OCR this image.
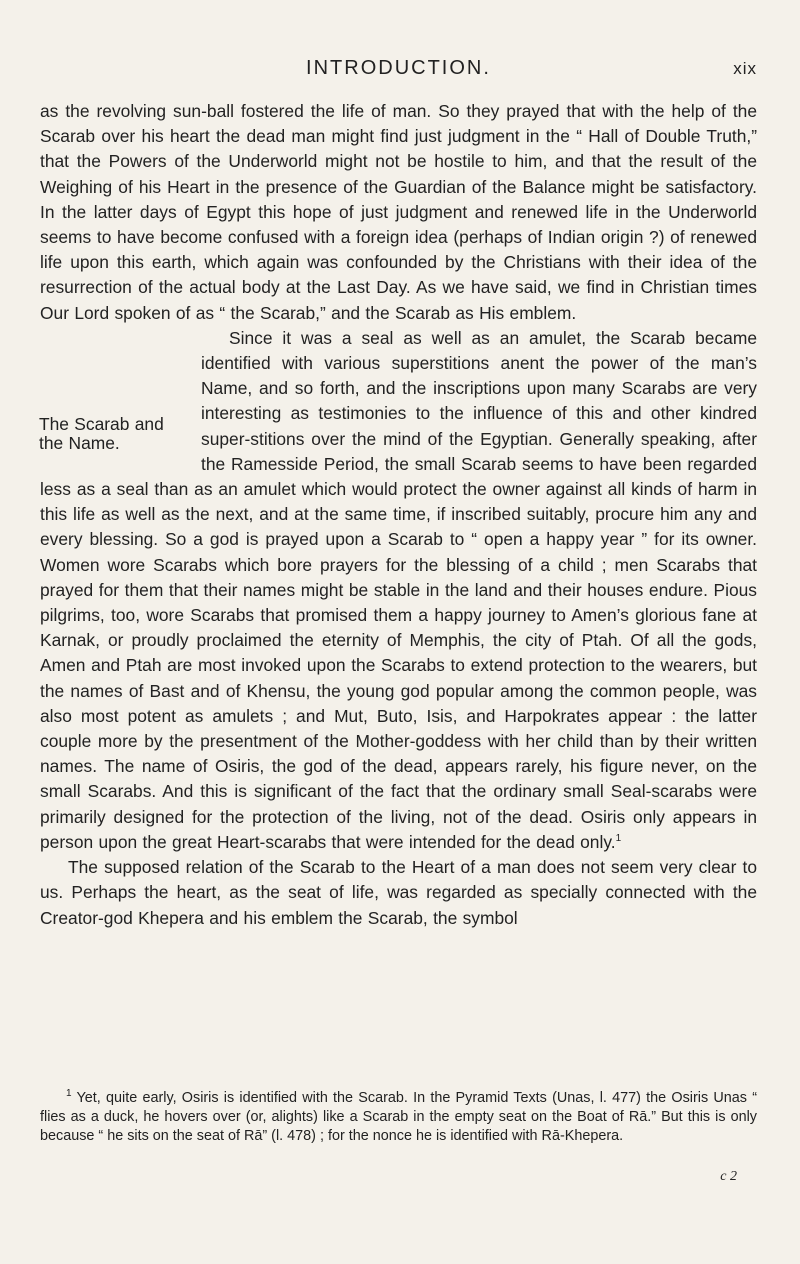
INTRODUCTION.	xix

as the revolving sun-ball fostered the life of man. So they prayed that with the help of the Scarab over his heart the dead man might find just judgment in the “ Hall of Double Truth,” that the Powers of the Underworld might not be hostile to him, and that the result of the Weighing of his Heart in the presence of the Guardian of the Balance might be satisfactory. In the latter days of Egypt this hope of just judgment and renewed life in the Underworld seems to have become confused with a foreign idea (perhaps of Indian origin ?) of renewed life upon this earth, which again was confounded by the Christians with their idea of the resurrection of the actual body at the Last Day. As we have said, we find in Christian times Our Lord spoken of as “ the Scarab,” and the Scarab as His emblem.

The Scarab and the Name.

Since it was a seal as well as an amulet, the Scarab became identified with various superstitions anent the power of the man’s Name, and so forth, and the inscriptions upon many Scarabs are very interesting as testimonies to the influence of this and other kindred super-stitions over the mind of the Egyptian. Generally speaking, after the Ramesside Period, the small Scarab seems to have been regarded less as a seal than as an amulet which would protect the owner against all kinds of harm in this life as well as the next, and at the same time, if inscribed suitably, procure him any and every blessing. So a god is prayed upon a Scarab to “ open a happy year ” for its owner. Women wore Scarabs which bore prayers for the blessing of a child ; men Scarabs that prayed for them that their names might be stable in the land and their houses endure. Pious pilgrims, too, wore Scarabs that promised them a happy journey to Amen’s glorious fane at Karnak, or proudly proclaimed the eternity of Memphis, the city of Ptah. Of all the gods, Amen and Ptah are most invoked upon the Scarabs to extend protection to the wearers, but the names of Bast and of Khensu, the young god popular among the common people, was also most potent as amulets ; and Mut, Buto, Isis, and Harpokrates appear : the latter couple more by the presentment of the Mother-goddess with her child than by their written names. The name of Osiris, the god of the dead, appears rarely, his figure never, on the small Scarabs. And this is significant of the fact that the ordinary small Seal-scarabs were primarily designed for the protection of the living, not of the dead. Osiris only appears in person upon the great Heart-scarabs that were intended for the dead only.$^1$

The supposed relation of the Scarab to the Heart of a man does not seem very clear to us. Perhaps the heart, as the seat of life, was regarded as specially connected with the Creator-god Khepera and his emblem the Scarab, the symbol

$^1$ Yet, quite early, Osiris is identified with the Scarab. In the Pyramid Texts (Unas, l. 477) the Osiris Unas “ flies as a duck, he hovers over (or, alights) like a Scarab in the empty seat on the Boat of Rā.” But this is only because “ he sits on the seat of Rā” (l. 478) ; for the nonce he is identified with Rā-Khepera.

c 2
